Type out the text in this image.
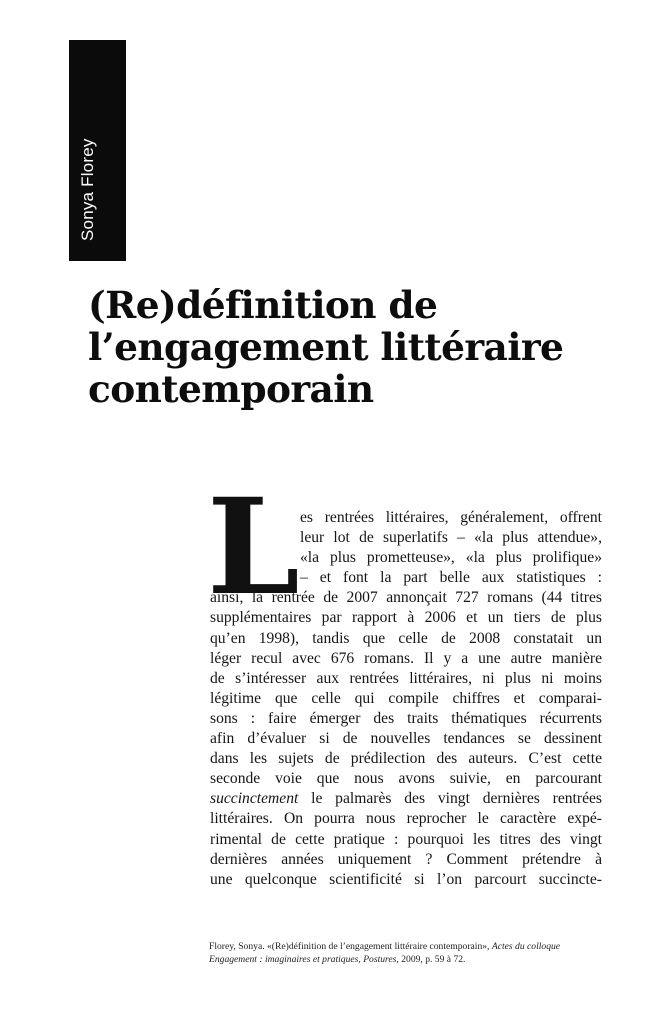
Sonya Florey
(Re)définition de
l’engagement littéraire
contemporain
L es rentrées littéraires, généralement, offrent
leur lot de superlatifs – «la plus attendue»,
«la plus prometteuse», «la plus prolifique»
– et font la part belle aux statistiques :
ainsi, la rentrée de 2007 annonçait 727 romans (44 titres
supplémentaires par rapport à 2006 et un tiers de plus
qu’en 1998), tandis que celle de 2008 constatait un
léger recul avec 676 romans. Il y a une autre manière
de s’intéresser aux rentrées littéraires, ni plus ni moins
légitime que celle qui compile chiffres et comparai-
sons : faire émerger des traits thématiques récurrents
afin d’évaluer si de nouvelles tendances se dessinent
dans les sujets de prédilection des auteurs. C’est cette
seconde voie que nous avons suivie, en parcourant
succinctement le palmarès des vingt dernières rentrées
littéraires. On pourra nous reprocher le caractère expé-
rimental de cette pratique : pourquoi les titres des vingt
dernières années uniquement ? Comment prétendre à
une quelconque scientificité si l’on parcourt succincte-
Florey, Sonya. «(Re)définition de l’engagement littéraire contemporain», Actes du colloque
Engagement : imaginaires et pratiques, Postures, 2009, p. 59 à 72.
